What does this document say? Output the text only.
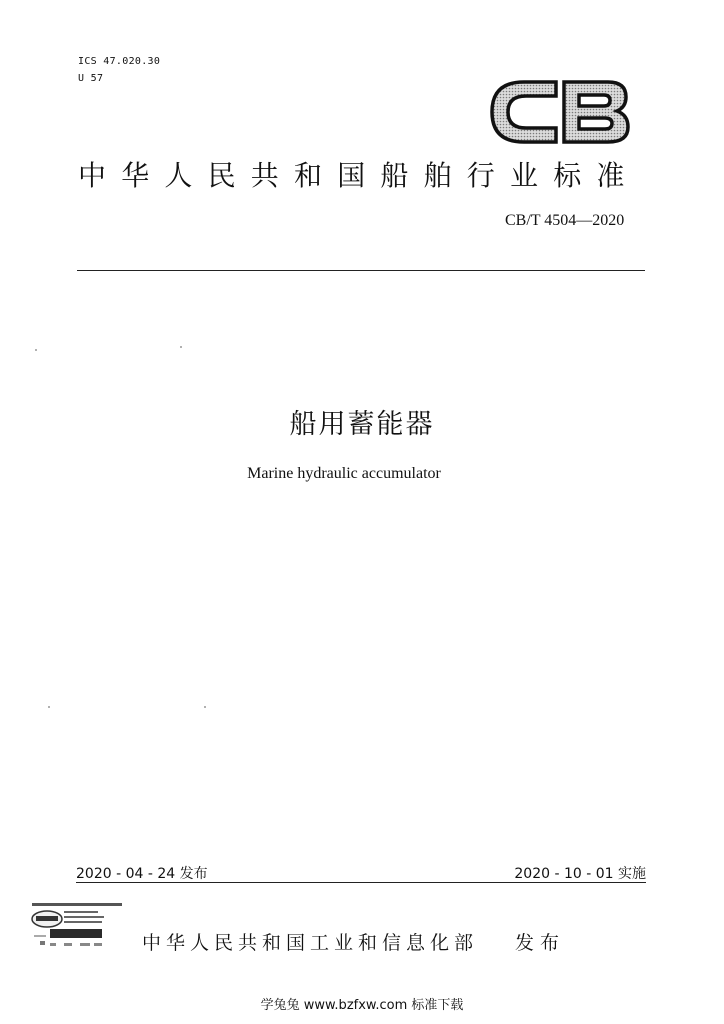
ICS 47.020.30
U 57
中华人民共和国船舶行业标准
CB/T 4504—2020
船用蓄能器
Marine hydraulic accumulator
2020 - 04 - 24 发布	2020 - 10 - 01 实施
中华人民共和国工业和信息化部 发布
学兔兔 www.bzfxw.com 标准下载
